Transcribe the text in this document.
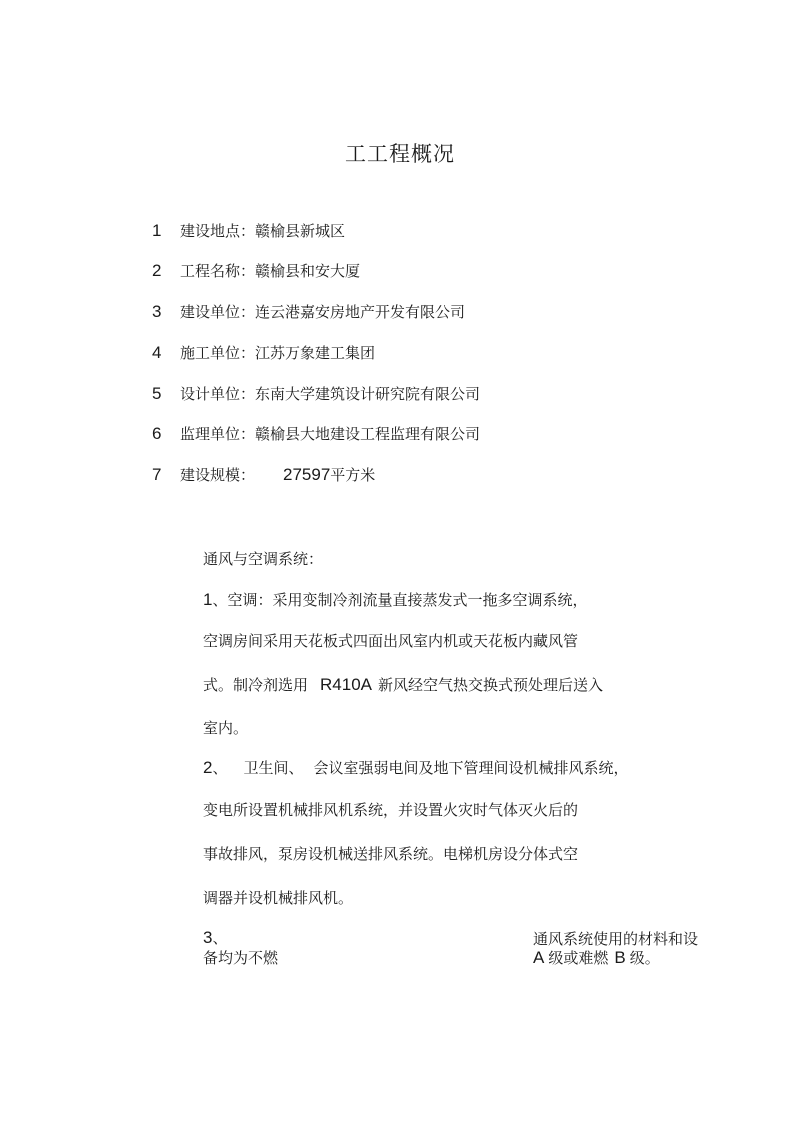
工工程概况
1 建设地点：赣榆县新城区
2 工程名称：赣榆县和安大厦
3 建设单位：连云港嘉安房地产开发有限公司
4 施工单位：江苏万象建工集团
5 设计单位：东南大学建筑设计研究院有限公司
6 监理单位：赣榆县大地建设工程监理有限公司
7 建设规模： 27597平方米
通风与空调系统：
1、空调：采用变制冷剂流量直接蒸发式一拖多空调系统，
空调房间采用天花板式四面出风室内机或天花板内藏风管
式。制冷剂选用 R410A 新风经空气热交换式预处理后送入
室内。
2、 卫生间、 会议室强弱电间及地下管理间设机械排风系统，
变电所设置机械排风机系统，并设置火灾时气体灭火后的
事故排风，泵房设机械送排风系统。电梯机房设分体式空
调器并设机械排风机。
3、
备均为不燃
通风系统使用的材料和设
A 级或难燃 B 级。
